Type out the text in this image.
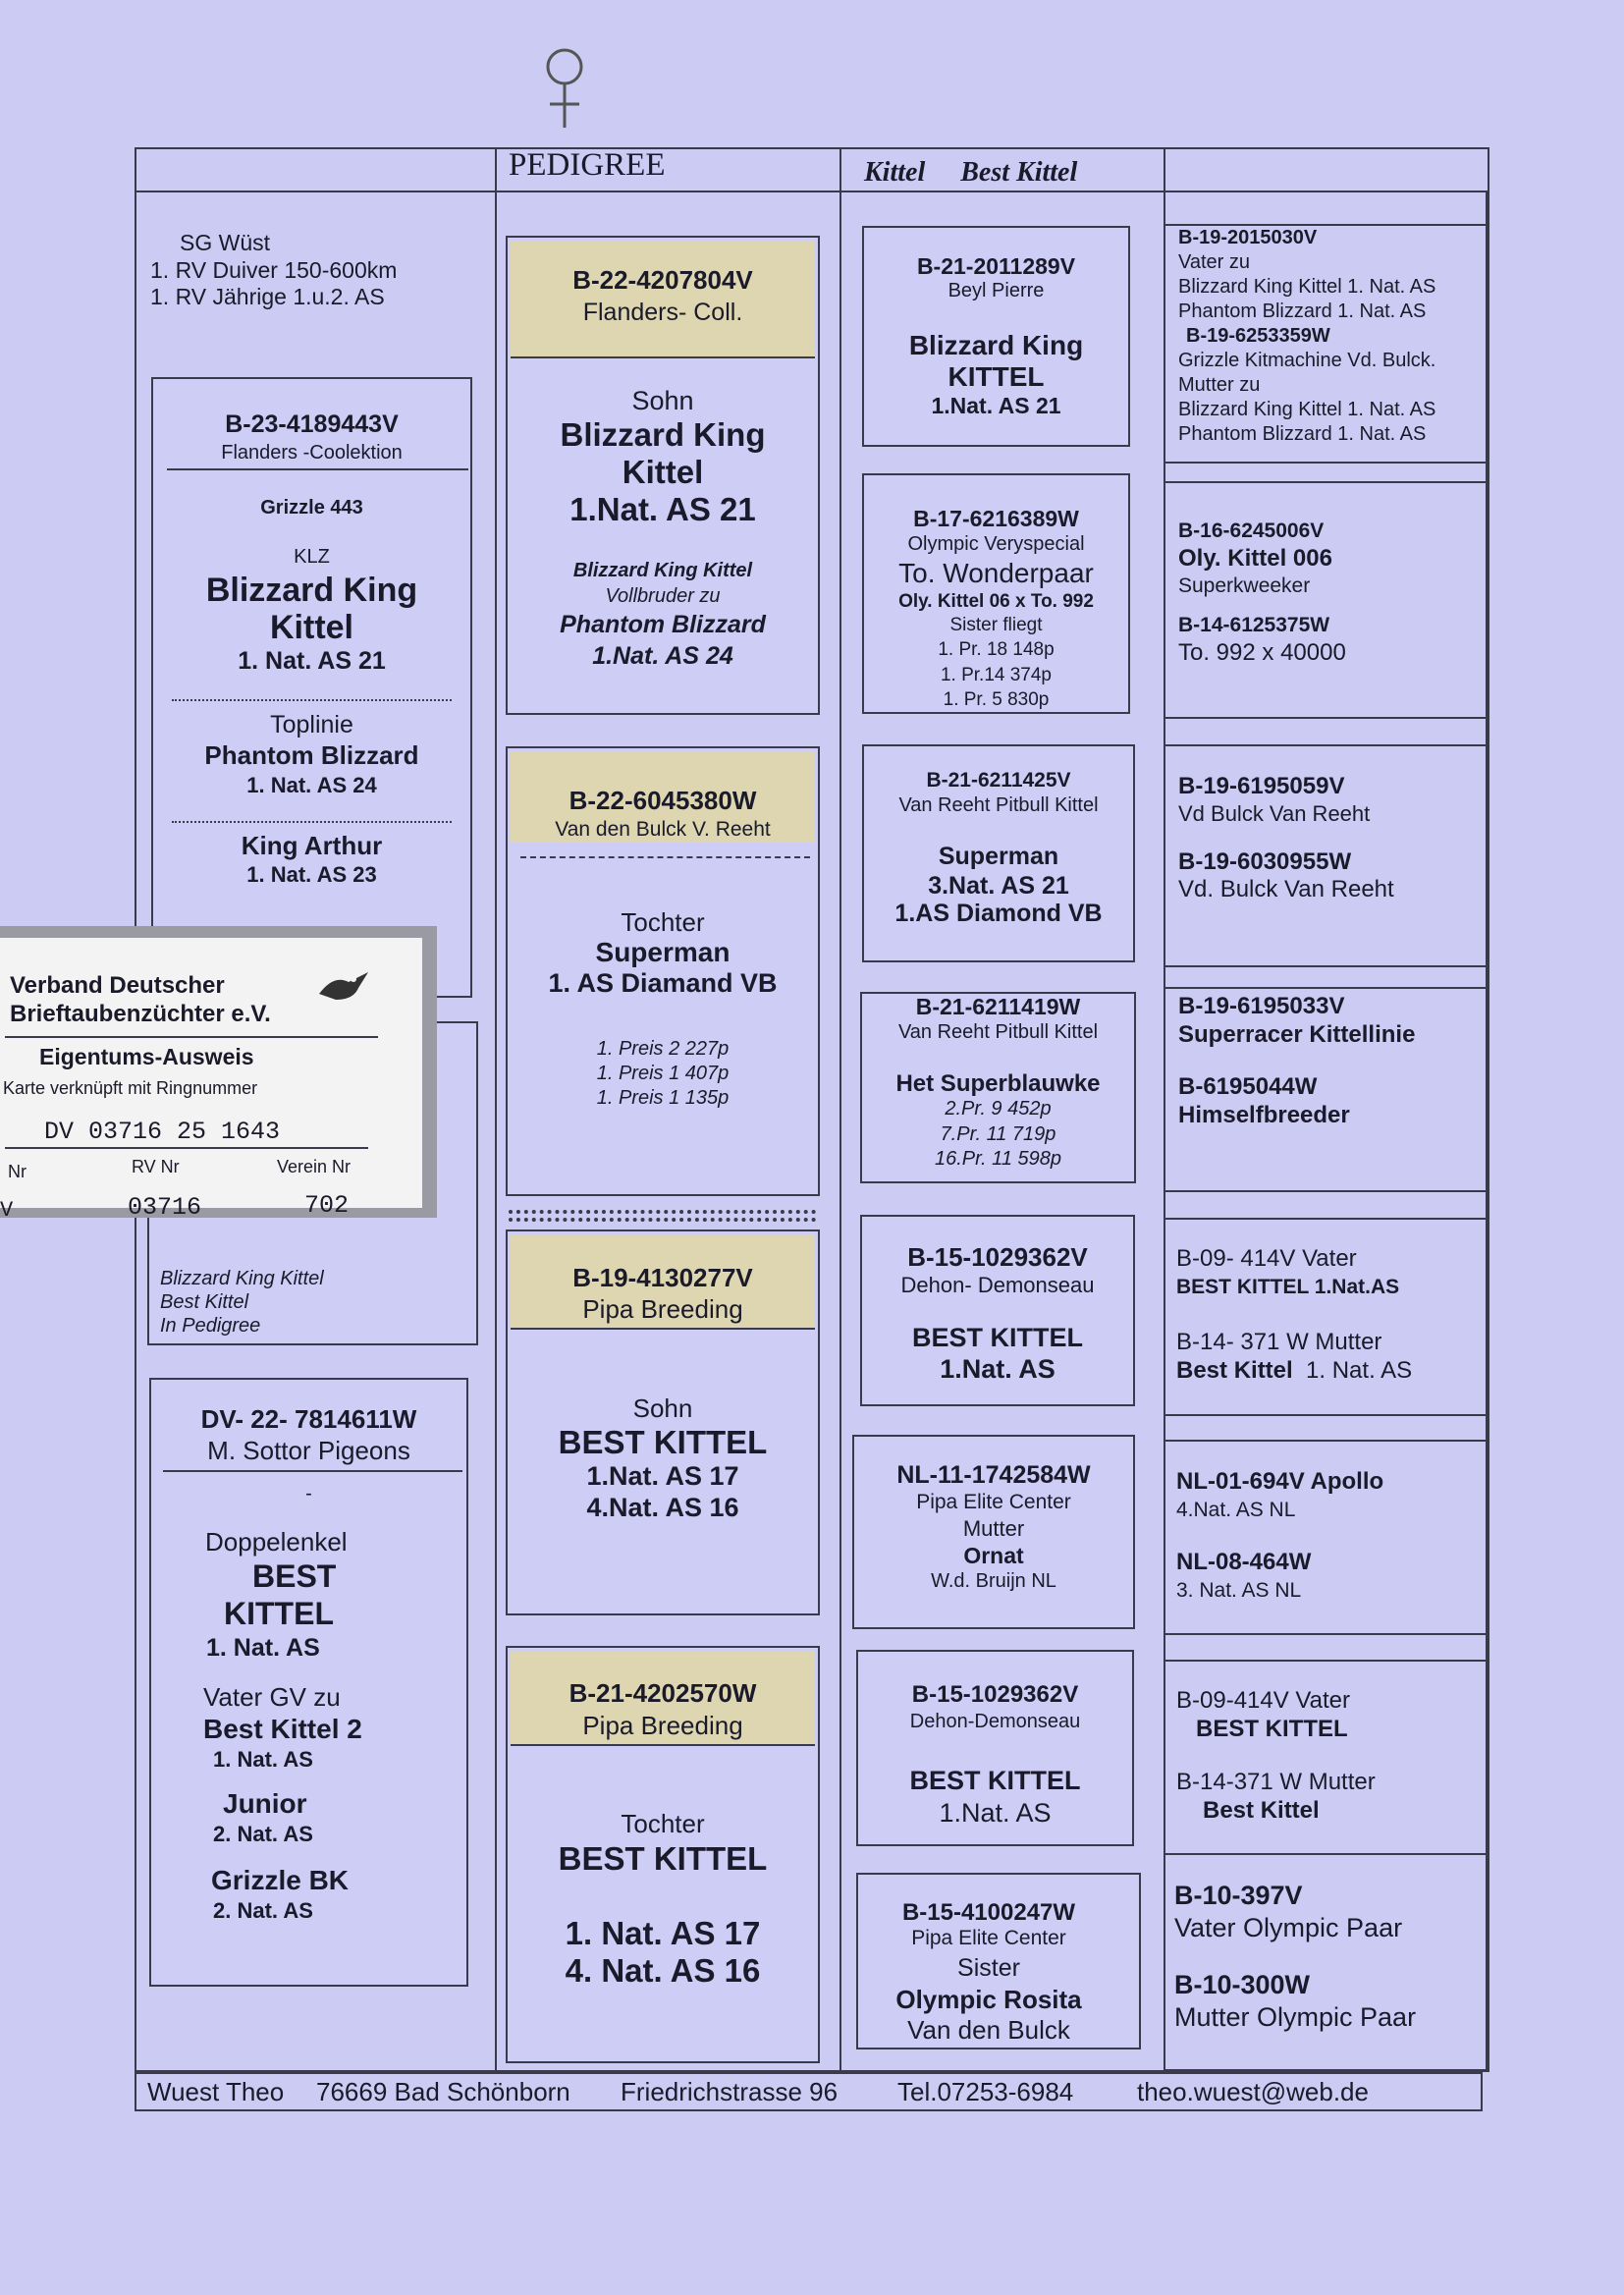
PEDIGREE	Kittel Best Kittel
SG Wüst
1. RV Duiver 150-600km
1. RV Jährige 1.u.2. AS
B-23-4189443V
Flanders -Coolektion
Grizzle 443
KLZ
Blizzard King
Kittel
1. Nat. AS 21
Toplinie
Phantom Blizzard
1. Nat. AS 24
King Arthur
1. Nat. AS 23
Blizzard King Kittel
Best Kittel
In Pedigree
Verband Deutscher
Brieftaubenzüchter e.V.
Eigentums-Ausweis
Karte verknüpft mit Ringnummer
DV 03716 25 1643
Nr	RV Nr	Verein Nr
V	03716	702
DV- 22- 7814611W
M. Sottor Pigeons
-
Doppelenkel
BEST
KITTEL
1. Nat. AS
Vater GV zu
Best Kittel 2
1. Nat. AS
Junior
2. Nat. AS
Grizzle BK
2. Nat. AS
B-22-4207804V
Flanders- Coll.
Sohn
Blizzard King
Kittel
1.Nat. AS 21
Blizzard King Kittel
Vollbruder zu
Phantom Blizzard
1.Nat. AS 24
B-22-6045380W
Van den Bulck V. Reeht
Tochter
Superman
1. AS Diamand VB
1. Preis 2 227p
1. Preis 1 407p
1. Preis 1 135p
B-19-4130277V
Pipa Breeding
Sohn
BEST KITTEL
1.Nat. AS 17
4.Nat. AS 16
B-21-4202570W
Pipa Breeding
Tochter
BEST KITTEL
1. Nat. AS 17
4. Nat. AS 16
B-21-2011289V
Beyl Pierre
Blizzard King
KITTEL
1.Nat. AS 21
B-17-6216389W
Olympic Veryspecial
To. Wonderpaar
Oly. Kittel 06 x To. 992
Sister fliegt
1. Pr. 18 148p
1. Pr.14 374p
1. Pr. 5 830p
B-21-6211425V
Van Reeht Pitbull Kittel
Superman
3.Nat. AS 21
1.AS Diamond VB
B-21-6211419W
Van Reeht Pitbull Kittel
Het Superblauwke
2.Pr. 9 452p
7.Pr. 11 719p
16.Pr. 11 598p
B-15-1029362V
Dehon- Demonseau
BEST KITTEL
1.Nat. AS
NL-11-1742584W
Pipa Elite Center
Mutter
Ornat
W.d. Bruijn NL
B-15-1029362V
Dehon-Demonseau
BEST KITTEL
1.Nat. AS
B-15-4100247W
Pipa Elite Center
Sister
Olympic Rosita
Van den Bulck
B-19-2015030V
Vater zu
Blizzard King Kittel 1. Nat. AS
Phantom Blizzard 1. Nat. AS
B-19-6253359W
Grizzle Kitmachine Vd. Bulck.
Mutter zu
Blizzard King Kittel 1. Nat. AS
Phantom Blizzard 1. Nat. AS
B-16-6245006V
Oly. Kittel 006
Superkweeker
B-14-6125375W
To. 992 x 40000
B-19-6195059V
Vd Bulck Van Reeht
B-19-6030955W
Vd. Bulck Van Reeht
B-19-6195033V
Superracer Kittellinie
B-6195044W
Himselfbreeder
B-09- 414V Vater
BEST KITTEL 1.Nat.AS
B-14- 371 W Mutter
Best Kittel 1. Nat. AS
NL-01-694V Apollo
4.Nat. AS NL
NL-08-464W
3. Nat. AS NL
B-09-414V Vater
BEST KITTEL
B-14-371 W Mutter
Best Kittel
B-10-397V
Vater Olympic Paar
B-10-300W
Mutter Olympic Paar
Wuest Theo 76669 Bad Schönborn Friedrichstrasse 96 Tel.07253-6984 theo.wuest@web.de
